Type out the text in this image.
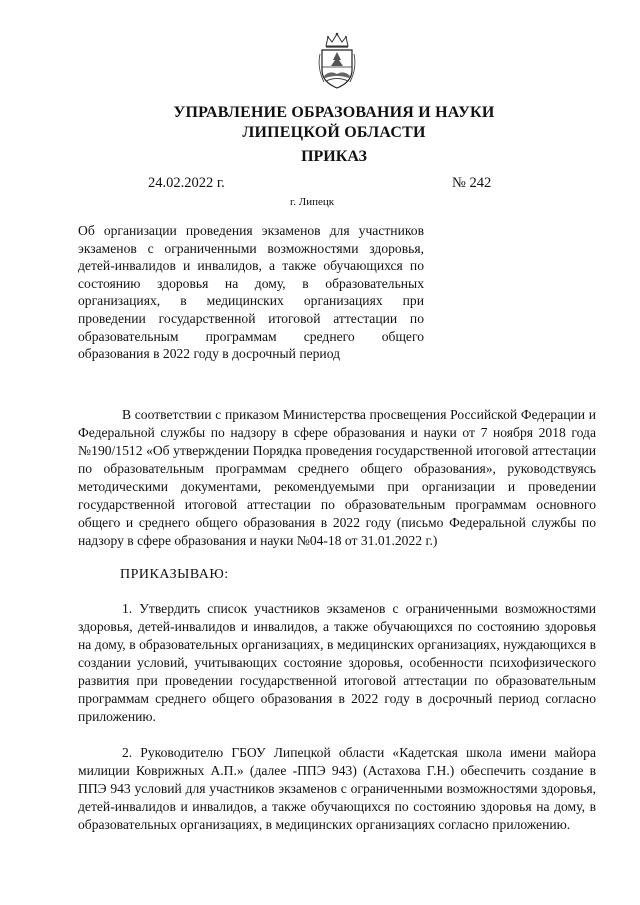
УПРАВЛЕНИЕ ОБРАЗОВАНИЯ И НАУКИ
ЛИПЕЦКОЙ ОБЛАСТИ
ПРИКАЗ
24.02.2022 г.	№ 242
г. Липецк

Об организации проведения экзаменов для участников экзаменов с ограниченными возможностями здоровья, детей-инвалидов и инвалидов, а также обучающихся по состоянию здоровья на дому, в образовательных организациях, в медицинских организациях при проведении государственной итоговой аттестации по образовательным программам среднего общего

образования в 2022 году в досрочный период

В соответствии с приказом Министерства просвещения Российской Федерации и Федеральной службы по надзору в сфере образования и науки от 7 ноября 2018 года №190/1512 «Об утверждении Порядка проведения государственной итоговой аттестации по образовательным программам среднего общего образования», руководствуясь методическими документами, рекомендуемыми при организации и проведении государственной итоговой аттестации по образовательным программам основного общего и среднего общего образования в 2022 году (письмо Федеральной службы по надзору в сфере образования и науки №04-18 от 31.01.2022 г.)

ПРИКАЗЫВАЮ:

1. Утвердить список участников экзаменов с ограниченными возможностями здоровья, детей-инвалидов и инвалидов, а также обучающихся по состоянию здоровья на дому, в образовательных организациях, в медицинских организациях, нуждающихся в создании условий, учитывающих состояние здоровья, особенности психофизического развития при проведении государственной итоговой аттестации по образовательным программам среднего общего образования в 2022 году в досрочный период согласно приложению.

2. Руководителю ГБОУ Липецкой области «Кадетская школа имени майора милиции Коврижных А.П.» (далее -ППЭ 943) (Астахова Г.Н.) обеспечить создание в ППЭ 943 условий для участников экзаменов с ограниченными возможностями здоровья, детей-инвалидов и инвалидов, а также обучающихся по состоянию здоровья на дому, в образовательных организациях, в медицинских организациях согласно приложению.
